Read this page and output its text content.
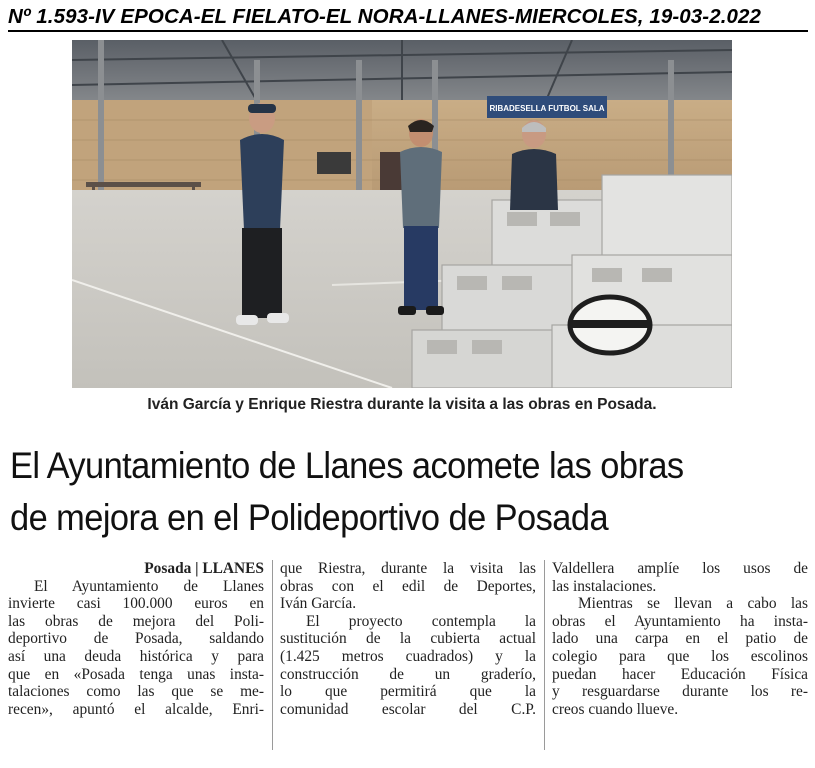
Nº 1.593-IV EPOCA-EL FIELATO-EL NORA-LLANES-MIERCOLES, 19-03-2.022
RIBADESELLA FUTBOL SALA
Iván García y Enrique Riestra durante la visita a las obras en Posada.
El Ayuntamiento de Llanes acomete las obras
de mejora en el Polideportivo de Posada
Posada | LLANES
El Ayuntamiento de Llanes
invierte casi 100.000 euros en
las obras de mejora del Poli-
deportivo de Posada, saldando
así una deuda histórica y para
que en «Posada tenga unas insta-
talaciones como las que se me-
recen», apuntó el alcalde, Enri-
que Riestra, durante la visita las
obras con el edil de Deportes,
Iván García.
El proyecto contempla la
sustitución de la cubierta actual
(1.425 metros cuadrados) y la
construcción de un graderío,
lo que permitirá que la
comunidad escolar del C.P.
Valdellera amplíe los usos de
las instalaciones.
Mientras se llevan a cabo las
obras el Ayuntamiento ha insta-
lado una carpa en el patio de
colegio para que los escolinos
puedan hacer Educación Física
y resguardarse durante los re-
creos cuando llueve.
